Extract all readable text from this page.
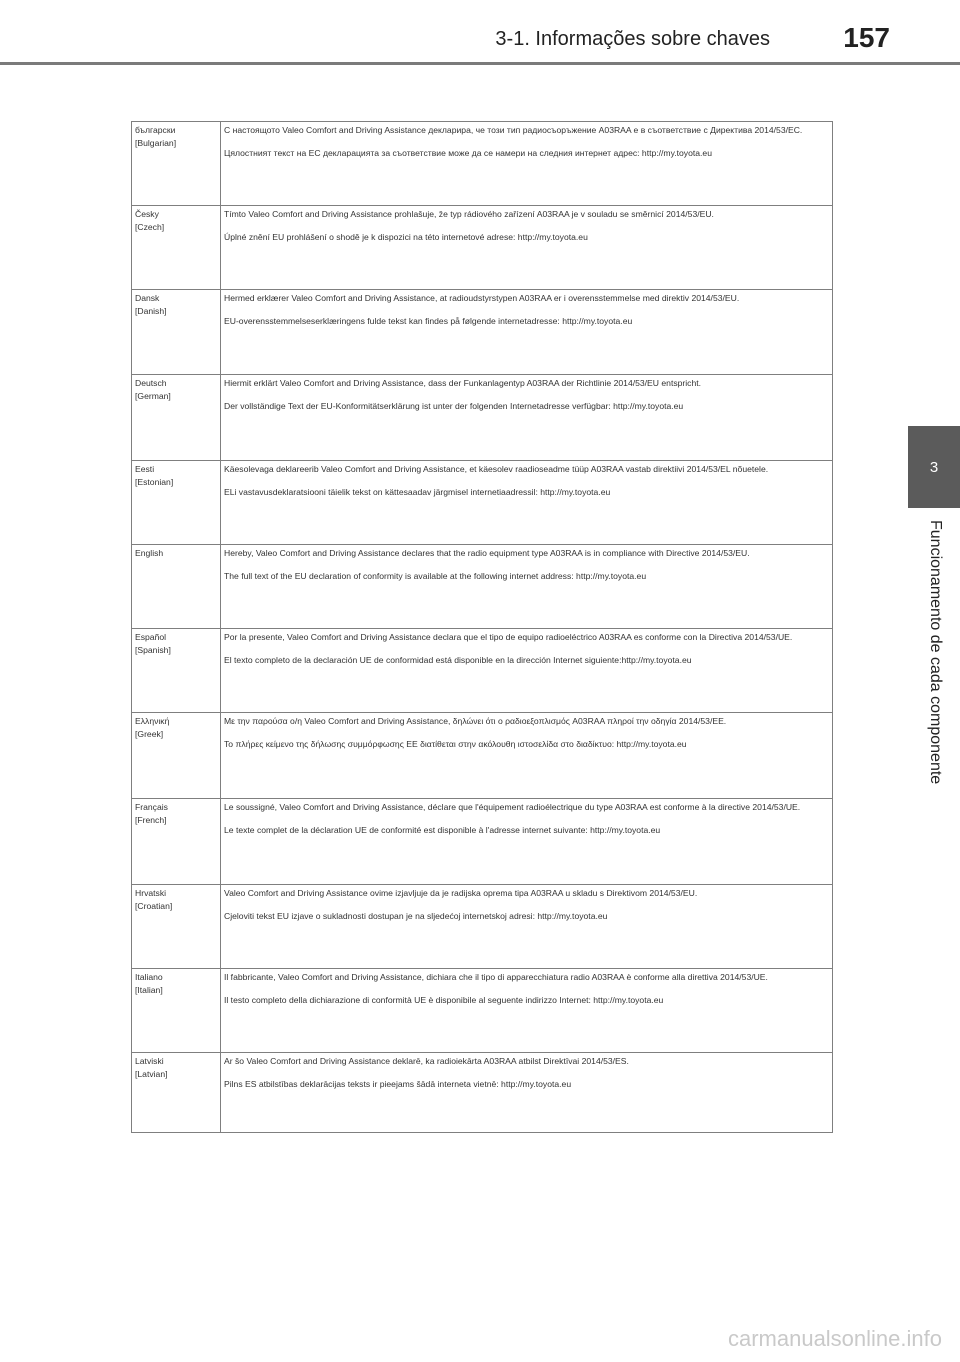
3-1. Informações sobre chaves	157
3
Funcionamento de cada componente
български
[Bulgarian]	С настоящото Valeo Comfort and Driving Assistance декларира, че този тип радиосъоръжение A03RAA е в съответствие с Директива 2014/53/ЕС.
Цялостният текст на ЕС декларацията за съответствие може да се намери на следния интернет адрес: http://my.toyota.eu

Česky
[Czech]	Tímto Valeo Comfort and Driving Assistance prohlašuje, že typ rádiového zařízení A03RAA je v souladu se směrnicí 2014/53/EU.
Úplné znění EU prohlášení o shodě je k dispozici na této internetové adrese: http://my.toyota.eu

Dansk
[Danish]	Hermed erklærer Valeo Comfort and Driving Assistance, at radioudstyrstypen A03RAA er i overensstemmelse med direktiv 2014/53/EU.
EU-overensstemmelseserklæringens fulde tekst kan findes på følgende internetadresse: http://my.toyota.eu

Deutsch
[German]	Hiermit erklärt Valeo Comfort and Driving Assistance, dass der Funkanlagentyp A03RAA der Richtlinie 2014/53/EU entspricht.
Der vollständige Text der EU-Konformitätserklärung ist unter der folgenden Internetadresse verfügbar: http://my.toyota.eu

Eesti
[Estonian]	Käesolevaga deklareerib Valeo Comfort and Driving Assistance, et käesolev raadioseadme tüüp A03RAA vastab direktiivi 2014/53/EL nõuetele.
ELi vastavusdeklaratsiooni täielik tekst on kättesaadav järgmisel internetiaadressil: http://my.toyota.eu

English	Hereby, Valeo Comfort and Driving Assistance declares that the radio equipment type A03RAA is in compliance with Directive 2014/53/EU.
The full text of the EU declaration of conformity is available at the following internet address: http://my.toyota.eu

Español
[Spanish]	Por la presente, Valeo Comfort and Driving Assistance declara que el tipo de equipo radioeléctrico A03RAA es conforme con la Directiva 2014/53/UE.
El texto completo de la declaración UE de conformidad está disponible en la dirección Internet siguiente:http://my.toyota.eu

Ελληνική
[Greek]	Με την παρούσα ο/η Valeo Comfort and Driving Assistance, δηλώνει ότι ο ραδιοεξοπλισμός A03RAA πληροί την οδηγία 2014/53/ΕΕ.
Το πλήρες κείμενο της δήλωσης συμμόρφωσης ΕΕ διατίθεται στην ακόλουθη ιστοσελίδα στο διαδίκτυο: http://my.toyota.eu

Français
[French]	Le soussigné, Valeo Comfort and Driving Assistance, déclare que l'équipement radioélectrique du type A03RAA est conforme à la directive 2014/53/UE.
Le texte complet de la déclaration UE de conformité est disponible à l'adresse internet suivante: http://my.toyota.eu

Hrvatski
[Croatian]	Valeo Comfort and Driving Assistance ovime izjavljuje da je radijska oprema tipa A03RAA u skladu s Direktivom 2014/53/EU.
Cjeloviti tekst EU izjave o sukladnosti dostupan je na sljedećoj internetskoj adresi: http://my.toyota.eu

Italiano
[Italian]	Il fabbricante, Valeo Comfort and Driving Assistance, dichiara che il tipo di apparecchiatura radio A03RAA è conforme alla direttiva 2014/53/UE.
Il testo completo della dichiarazione di conformità UE è disponibile al seguente indirizzo Internet: http://my.toyota.eu

Latviski
[Latvian]	Ar šo Valeo Comfort and Driving Assistance deklarē, ka radioiekārta A03RAA atbilst Direktīvai 2014/53/ES.
Pilns ES atbilstības deklarācijas teksts ir pieejams šādā interneta vietnē: http://my.toyota.eu
carmanualsonline.info
